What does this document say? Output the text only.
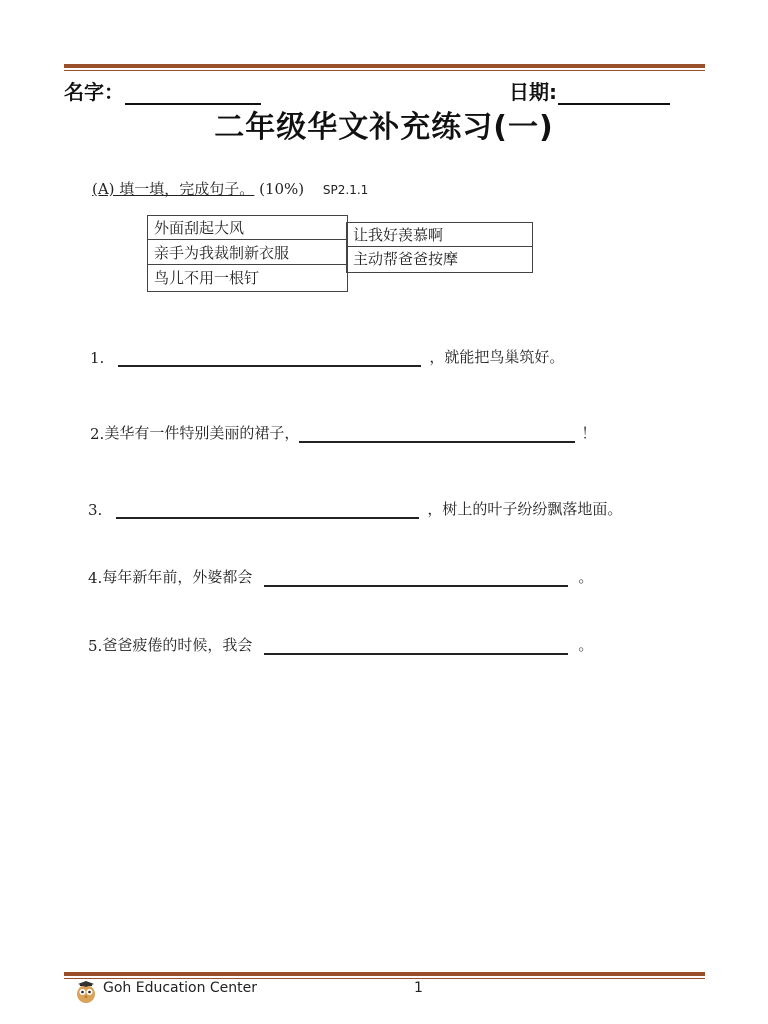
名字：	日期:
二年级华文补充练习(一)
(A) 填一填，完成句子。 (10%) SP2.1.1
外面刮起大风
亲手为我裁制新衣服
鸟儿不用一根钉
让我好羡慕啊
主动帮爸爸按摩
1.	，就能把鸟巢筑好。
2. 美华有一件特别美丽的裙子，	！
3.	，树上的叶子纷纷飘落地面。
4. 每年新年前，外婆都会	。
5. 爸爸疲倦的时候，我会	。
Goh Education Center	1
